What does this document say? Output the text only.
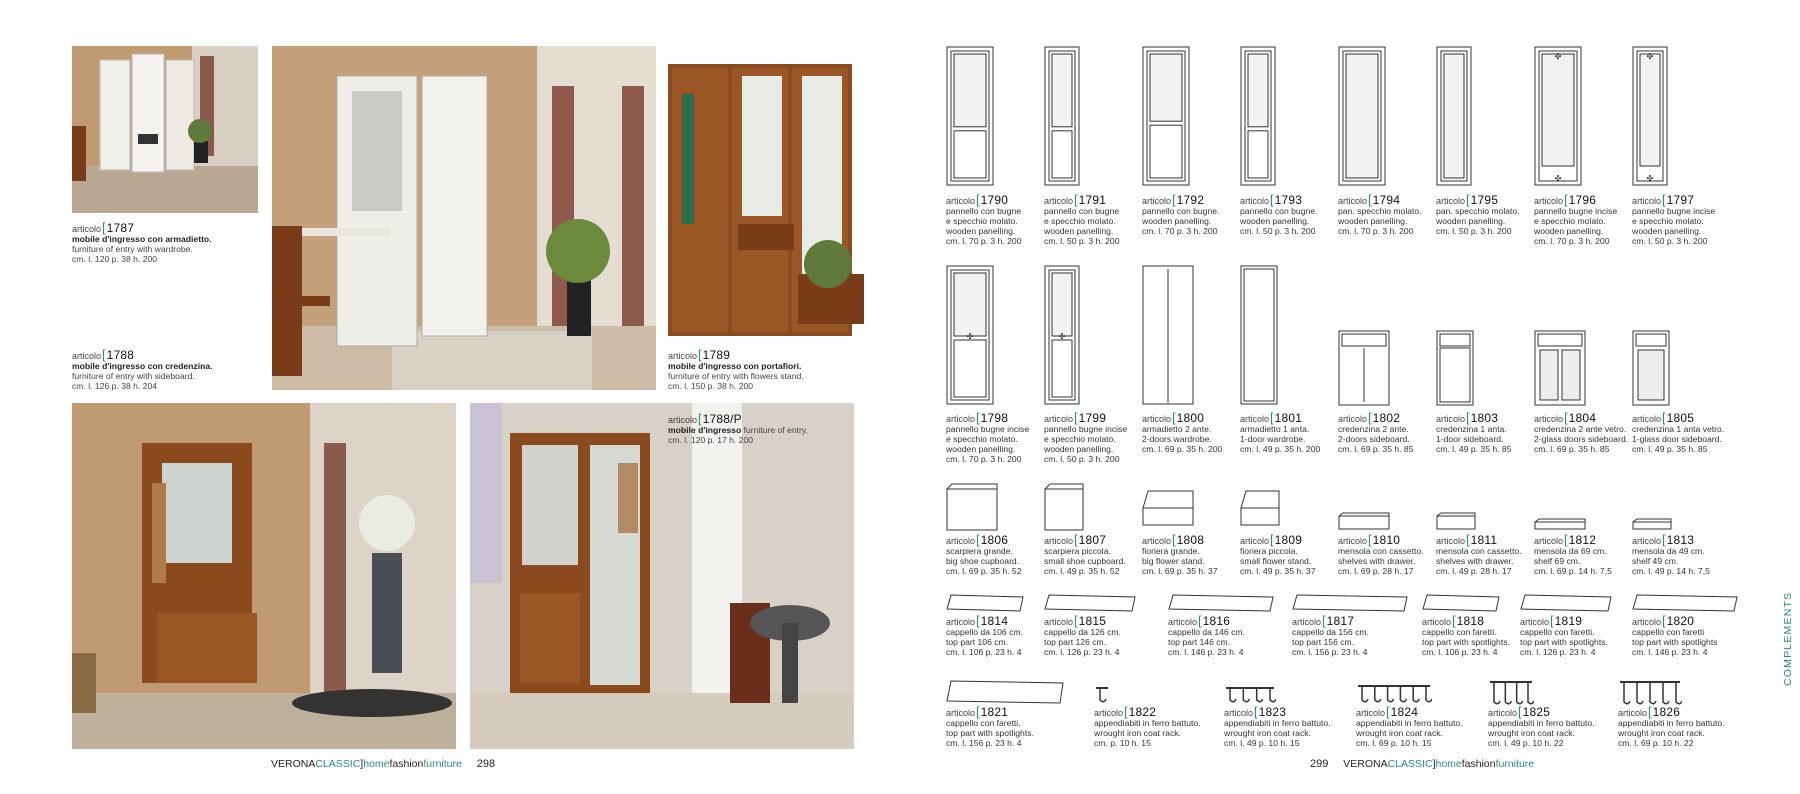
articolo[1787
mobile d'ingresso con armadietto.
furniture of entry with wardrobe.
cm. l. 120 p. 38 h. 200
articolo[1788
mobile d'ingresso con credenzina.
furniture of entry with sideboard.
cm. l. 126 p. 38 h. 204
articolo[1789
mobile d'ingresso con portafiori.
furniture of entry with flowers stand.
cm. l. 150 p. 38 h. 200
articolo[1788/P
mobile d'ingresso furniture of entry.
cm. l. 120 p. 17 h. 200
VERONACLASSIC]homefashionfurniture 298
articolo[1790
pannello con bugne
e specchio molato.
wooden panelling.
cm. l. 70 p. 3 h. 200
articolo[1791
pannello con bugne
e specchio molato.
wooden panelling.
cm. l. 50 p. 3 h. 200
articolo[1792
pannello con bugne.
wooden panelling.
cm. l. 70 p. 3 h. 200
articolo[1793
pannello con bugne.
wooden panelling.
cm. l. 50 p. 3 h. 200
articolo[1794
pan. specchio molato.
wooden panelling.
cm. l. 70 p. 3 h. 200
articolo[1795
pan. specchio molato.
wooden panelling.
cm. l. 50 p. 3 h. 200
✣
✣
articolo[1796
pannello bugne incise
e specchio molato.
wooden panelling.
cm. l. 70 p. 3 h. 200
✣
✣
articolo[1797
pannello bugne incise
e specchio molato.
wooden panelling.
cm. l. 50 p. 3 h. 200
✣
articolo[1798
pannello bugne incise
e specchio molato.
wooden panelling.
cm. l. 70 p. 3 h. 200
✣
articolo[1799
pannello bugne incise
e specchio molato.
wooden panelling.
cm. l. 50 p. 3 h. 200
articolo[1800
armadietto 2 ante.
2-doors wardrobe.
cm. l. 69 p. 35 h. 200
articolo[1801
armadietto 1 anta.
1-door wardrobe.
cm. l. 49 p. 35 h. 200
articolo[1802
credenzina 2 ante.
2-doors sideboard.
cm. l. 69 p. 35 h. 85
articolo[1803
credenzina 1 anta.
1-door sideboard.
cm. l. 49 p. 35 h. 85
articolo[1804
credenzina 2 ante vetro.
2-glass doors sideboard.
cm. l. 69 p. 35 h. 85
articolo[1805
credenzina 1 anta vetro.
1-glass door sideboard.
cm. l. 49 p. 35 h. 85
articolo[1806
scarpiera grande.
big shoe cupboard.
cm. l. 69 p. 35 h. 52
articolo[1807
scarpiera piccola.
small shoe cupboard.
cm. l. 49 p. 35 h. 52
articolo[1808
fioriera grande.
big flower stand.
cm. l. 69 p. 35 h. 37
articolo[1809
fioriera piccola.
small flower stand.
cm. l. 49 p. 35 h. 37
articolo[1810
mensola con cassetto.
shelves with drawer.
cm. l. 69 p. 28 h. 17
articolo[1811
mensola con cassetto.
shelves with drawer.
cm. l. 49 p. 28 h. 17
articolo[1812
mensola da 69 cm.
shelf 69 cm.
cm. l. 69 p. 14 h. 7,5
articolo[1813
mensola da 49 cm.
shelf 49 cm.
cm. l. 49 p. 14 h. 7,5
articolo[1814
cappello da 106 cm.
top part 106 cm.
cm. l. 106 p. 23 h. 4
articolo[1815
cappello da 126 cm.
top part 126 cm.
cm. l. 126 p. 23 h. 4
articolo[1816
cappello da 146 cm.
top part 146 cm.
cm. l. 146 p. 23 h. 4
articolo[1817
cappello da 156 cm.
top part 156 cm.
cm. l. 156 p. 23 h. 4
articolo[1818
cappello con faretti.
top part with spotlights.
cm. l. 106 p. 23 h. 4
articolo[1819
cappello con faretti.
top part with spotlights.
cm. l. 126 p. 23 h. 4
articolo[1820
cappello con faretti
top part with spotlights
cm. l. 146 p. 23 h. 4
articolo[1821
cappello con faretti.
top part with spotlights.
cm. l. 156 p. 23 h. 4
articolo[1822
appendiabiti in ferro battuto.
wrought iron coat rack.
cm. p. 10 h. 15
articolo[1823
appendiabiti in ferro battuto.
wrought iron coat rack.
cm. l. 49 p. 10 h. 15
articolo[1824
appendiabiti in ferro battuto.
wrought iron coat rack.
cm. l. 69 p. 10 h. 15
articolo[1825
appendiabiti in ferro battuto.
wrought iron coat rack.
cm. l. 49 p. 10 h. 22
articolo[1826
appendiabiti in ferro battuto.
wrought iron coat rack.
cm. l. 69 p. 10 h. 22
299 VERONACLASSIC]homefashionfurniture
COMPLEMENTS
